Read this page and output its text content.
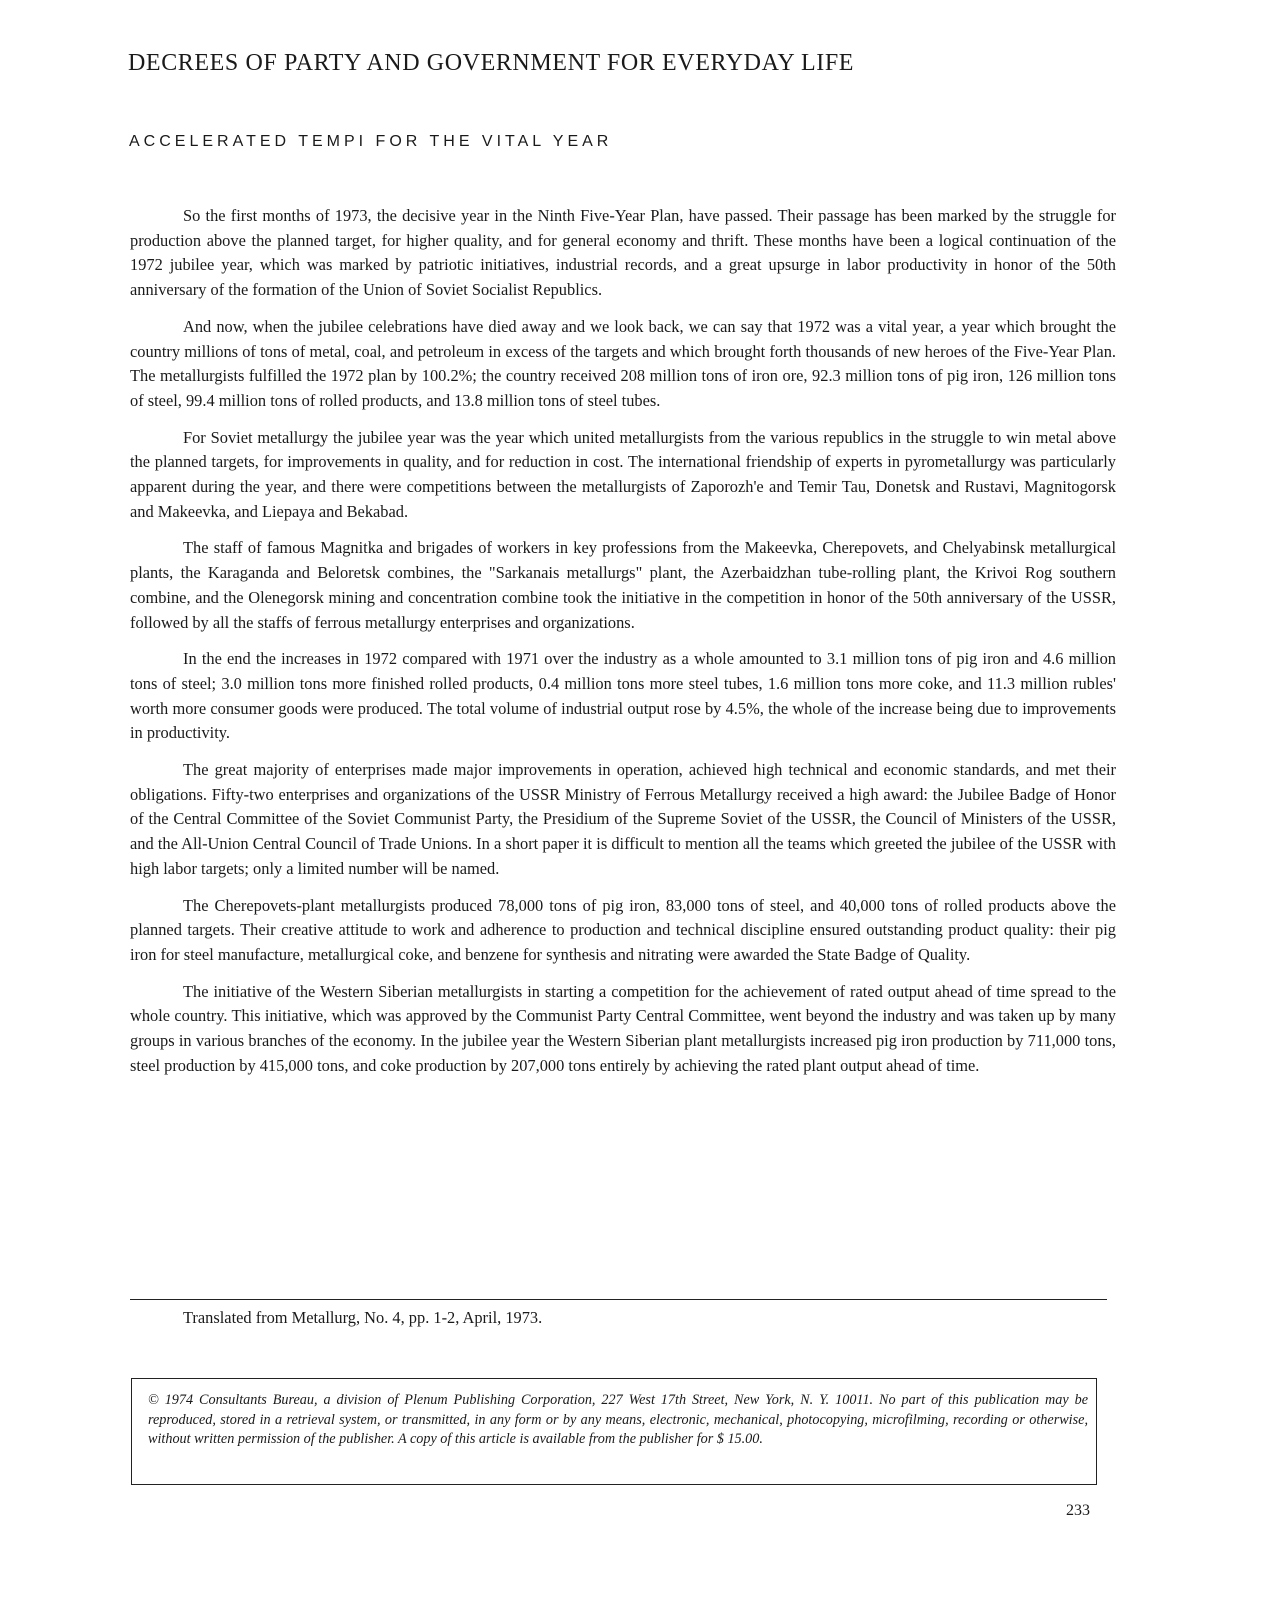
DECREES OF PARTY AND GOVERNMENT FOR EVERYDAY LIFE
ACCELERATED TEMPI FOR THE VITAL YEAR

So the first months of 1973, the decisive year in the Ninth Five-Year Plan, have passed. Their passage has been marked by the struggle for production above the planned target, for higher quality, and for general economy and thrift. These months have been a logical continuation of the 1972 jubilee year, which was marked by patriotic initiatives, industrial records, and a great upsurge in labor productivity in honor of the 50th anniversary of the formation of the Union of Soviet Socialist Republics.

And now, when the jubilee celebrations have died away and we look back, we can say that 1972 was a vital year, a year which brought the country millions of tons of metal, coal, and petroleum in excess of the targets and which brought forth thousands of new heroes of the Five-Year Plan. The metallurgists fulfilled the 1972 plan by 100.2%; the country received 208 million tons of iron ore, 92.3 million tons of pig iron, 126 million tons of steel, 99.4 million tons of rolled products, and 13.8 million tons of steel tubes.

For Soviet metallurgy the jubilee year was the year which united metallurgists from the various republics in the struggle to win metal above the planned targets, for improvements in quality, and for reduction in cost. The international friendship of experts in pyrometallurgy was particularly apparent during the year, and there were competitions between the metallurgists of Zaporozh'e and Temir Tau, Donetsk and Rustavi, Magnitogorsk and Makeevka, and Liepaya and Bekabad.

The staff of famous Magnitka and brigades of workers in key professions from the Makeevka, Cherepovets, and Chelyabinsk metallurgical plants, the Karaganda and Beloretsk combines, the "Sarkanais metallurgs" plant, the Azerbaidzhan tube-rolling plant, the Krivoi Rog southern combine, and the Olenegorsk mining and concentration combine took the initiative in the competition in honor of the 50th anniversary of the USSR, followed by all the staffs of ferrous metallurgy enterprises and organizations.

In the end the increases in 1972 compared with 1971 over the industry as a whole amounted to 3.1 million tons of pig iron and 4.6 million tons of steel; 3.0 million tons more finished rolled products, 0.4 million tons more steel tubes, 1.6 million tons more coke, and 11.3 million rubles' worth more consumer goods were produced. The total volume of industrial output rose by 4.5%, the whole of the increase being due to improvements in productivity.

The great majority of enterprises made major improvements in operation, achieved high technical and economic standards, and met their obligations. Fifty-two enterprises and organizations of the USSR Ministry of Ferrous Metallurgy received a high award: the Jubilee Badge of Honor of the Central Committee of the Soviet Communist Party, the Presidium of the Supreme Soviet of the USSR, the Council of Ministers of the USSR, and the All-Union Central Council of Trade Unions. In a short paper it is difficult to mention all the teams which greeted the jubilee of the USSR with high labor targets; only a limited number will be named.

The Cherepovets-plant metallurgists produced 78,000 tons of pig iron, 83,000 tons of steel, and 40,000 tons of rolled products above the planned targets. Their creative attitude to work and adherence to production and technical discipline ensured outstanding product quality: their pig iron for steel manufacture, metallurgical coke, and benzene for synthesis and nitrating were awarded the State Badge of Quality.

The initiative of the Western Siberian metallurgists in starting a competition for the achievement of rated output ahead of time spread to the whole country. This initiative, which was approved by the Communist Party Central Committee, went beyond the industry and was taken up by many groups in various branches of the economy. In the jubilee year the Western Siberian plant metallurgists increased pig iron production by 711,000 tons, steel production by 415,000 tons, and coke production by 207,000 tons entirely by achieving the rated plant output ahead of time.

Translated from Metallurg, No. 4, pp. 1-2, April, 1973.

© 1974 Consultants Bureau, a division of Plenum Publishing Corporation, 227 West 17th Street, New York, N. Y. 10011. No part of this publication may be reproduced, stored in a retrieval system, or transmitted, in any form or by any means, electronic, mechanical, photocopying, microfilming, recording or otherwise, without written permission of the publisher. A copy of this article is available from the publisher for $ 15.00.

233
